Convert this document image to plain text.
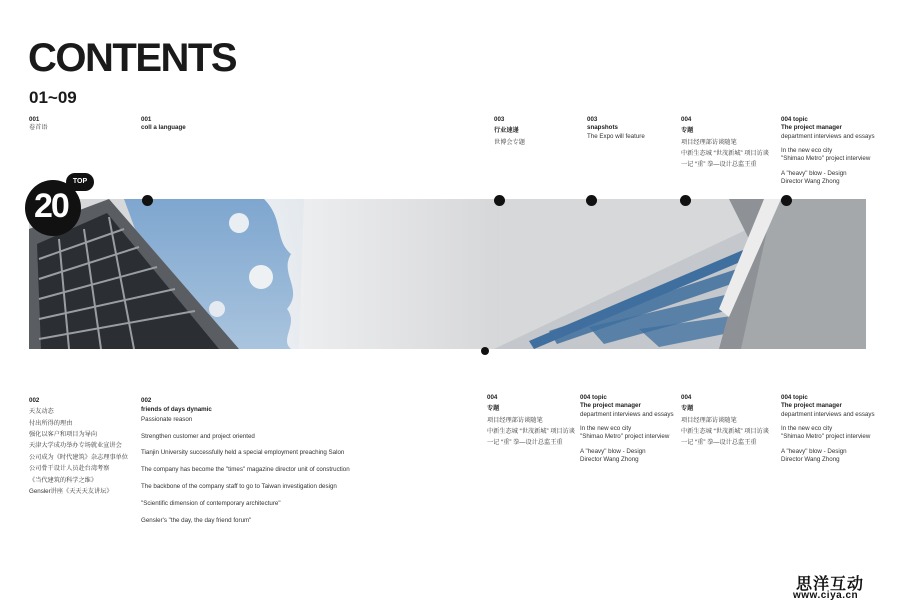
CONTENTS
01~09
001
卷首语
001
coll a language
003
行业速递
世博会专题
003
snapshots
The Expo will feature
004
专题
项目经理部访谈随笔
中新生态城 “世茂新城” 项目访谈
一记 “重” 拳—设计总监王重
004 topic
The project manager
department interviews and essays
In the new eco city
"Shimao Metro" project interview
A "heavy" blow - Design
Director Wang Zhong
20
TOP
002
天友动态
付出所得的理由
强化以客户和项目为导向
天津大学成功举办专场就业宣讲会
公司成为《时代建筑》杂志理事单位
公司骨干设计人员赴台湾考察
《当代建筑的科学之维》
Gensler讲座《天天天友讲坛》
002
friends of days dynamic
Passionate reason
Strengthen customer and project oriented
Tianjin University successfully held a special employment preaching Salon
The company has become the "times" magazine director unit of construction
The backbone of the company staff to go to Taiwan investigation design
"Scientific dimension of contemporary architecture"
Gensler's "the day, the day friend forum"
004
专题
项目经理部访谈随笔
中新生态城 “世茂新城” 项目访谈
一记 “重” 拳—设计总监王重
004 topic
The project manager
department interviews and essays
In the new eco city
"Shimao Metro" project interview
A "heavy" blow - Design
Director Wang Zhong
004
专题
项目经理部访谈随笔
中新生态城 “世茂新城” 项目访谈
一记 “重” 拳—设计总监王重
004 topic
The project manager
department interviews and essays
In the new eco city
"Shimao Metro" project interview
A "heavy" blow - Design
Director Wang Zhong
思洋互动
www.ciya.cn
